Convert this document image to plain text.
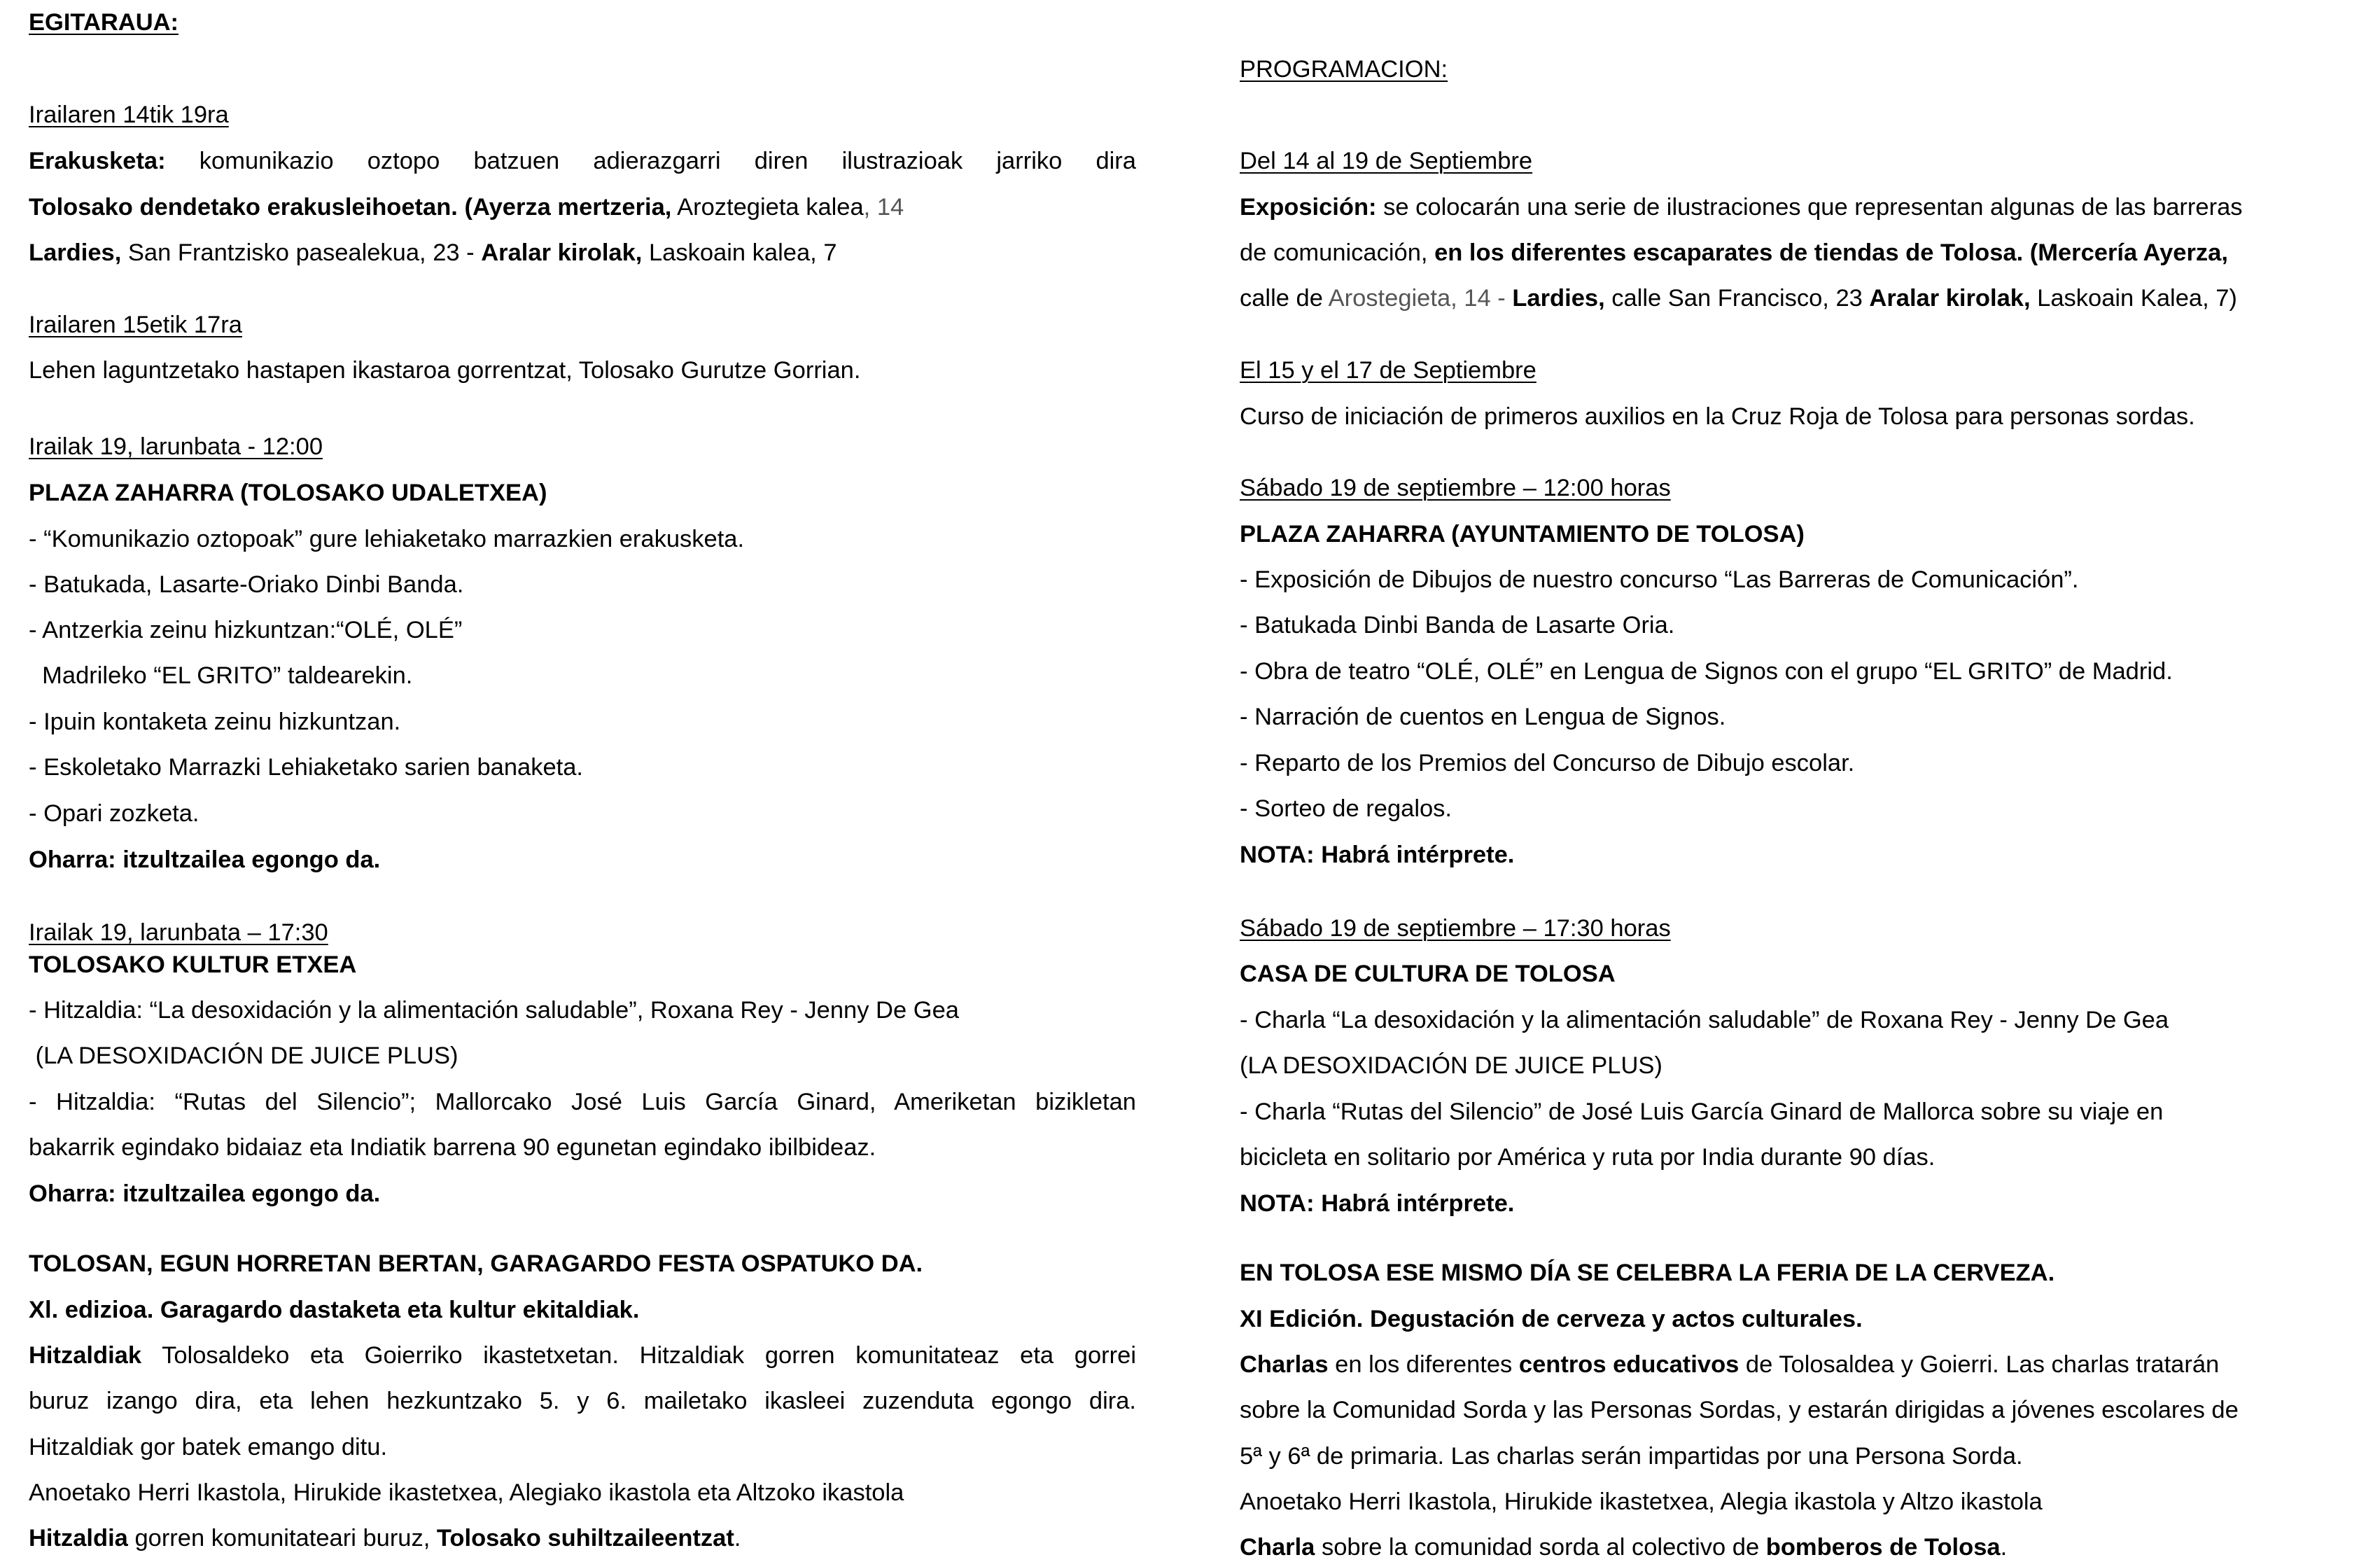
EGITARAUA:
Irailaren 14tik 19ra
Erakusketa: komunikazio oztopo batzuen adierazgarri diren ilustrazioak jarriko dira
Tolosako dendetako erakusleihoetan. (Ayerza mertzeria, Aroztegieta kalea, 14
Lardies, San Frantzisko pasealekua, 23 - Aralar kirolak, Laskoain kalea, 7
Irailaren 15etik 17ra
Lehen laguntzetako hastapen ikastaroa gorrentzat, Tolosako Gurutze Gorrian.
Irailak 19, larunbata - 12:00
PLAZA ZAHARRA (TOLOSAKO UDALETXEA)
- “Komunikazio oztopoak” gure lehiaketako marrazkien erakusketa.
- Batukada, Lasarte-Oriako Dinbi Banda.
- Antzerkia zeinu hizkuntzan:“OLÉ, OLÉ”
Madrileko “EL GRITO” taldearekin.
- Ipuin kontaketa zeinu hizkuntzan.
- Eskoletako Marrazki Lehiaketako sarien banaketa.
- Opari zozketa.
Oharra: itzultzailea egongo da.
Irailak 19, larunbata – 17:30
TOLOSAKO KULTUR ETXEA
- Hitzaldia: “La desoxidación y la alimentación saludable”, Roxana Rey - Jenny De Gea
(LA DESOXIDACIÓN DE JUICE PLUS)
- Hitzaldia: “Rutas del Silencio”; Mallorcako José Luis García Ginard, Ameriketan bizikletan
bakarrik egindako bidaiaz eta Indiatik barrena 90 egunetan egindako ibilbideaz.
Oharra: itzultzailea egongo da.
TOLOSAN, EGUN HORRETAN BERTAN, GARAGARDO FESTA OSPATUKO DA.
Xl. edizioa. Garagardo dastaketa eta kultur ekitaldiak.
Hitzaldiak Tolosaldeko eta Goierriko ikastetxetan. Hitzaldiak gorren komunitateaz eta gorrei
buruz izango dira, eta lehen hezkuntzako 5. y 6. mailetako ikasleei zuzenduta egongo dira.
Hitzaldiak gor batek emango ditu.
Anoetako Herri Ikastola, Hirukide ikastetxea, Alegiako ikastola eta Altzoko ikastola
Hitzaldia gorren komunitateari buruz, Tolosako suhiltzaileentzat.
PROGRAMACION:
Del 14 al 19 de Septiembre
Exposición: se colocarán una serie de ilustraciones que representan algunas de las barreras
de comunicación, en los diferentes escaparates de tiendas de Tolosa. (Mercería Ayerza,
calle de Arostegieta, 14 - Lardies, calle San Francisco, 23 Aralar kirolak, Laskoain Kalea, 7)
El 15 y el 17 de Septiembre
Curso de iniciación de primeros auxilios en la Cruz Roja de Tolosa para personas sordas.
Sábado 19 de septiembre – 12:00 horas
PLAZA ZAHARRA (AYUNTAMIENTO DE TOLOSA)
- Exposición de Dibujos de nuestro concurso “Las Barreras de Comunicación”.
- Batukada Dinbi Banda de Lasarte Oria.
- Obra de teatro “OLÉ, OLÉ” en Lengua de Signos con el grupo “EL GRITO” de Madrid.
- Narración de cuentos en Lengua de Signos.
- Reparto de los Premios del Concurso de Dibujo escolar.
- Sorteo de regalos.
NOTA: Habrá intérprete.
Sábado 19 de septiembre – 17:30 horas
CASA DE CULTURA DE TOLOSA
- Charla “La desoxidación y la alimentación saludable” de Roxana Rey - Jenny De Gea
(LA DESOXIDACIÓN DE JUICE PLUS)
- Charla “Rutas del Silencio” de José Luis García Ginard de Mallorca sobre su viaje en
bicicleta en solitario por América y ruta por India durante 90 días.
NOTA: Habrá intérprete.
EN TOLOSA ESE MISMO DÍA SE CELEBRA LA FERIA DE LA CERVEZA.
XI Edición. Degustación de cerveza y actos culturales.
Charlas en los diferentes centros educativos de Tolosaldea y Goierri. Las charlas tratarán
sobre la Comunidad Sorda y las Personas Sordas, y estarán dirigidas a jóvenes escolares de
5ª y 6ª de primaria. Las charlas serán impartidas por una Persona Sorda.
Anoetako Herri Ikastola, Hirukide ikastetxea, Alegia ikastola y Altzo ikastola
Charla sobre la comunidad sorda al colectivo de bomberos de Tolosa.
